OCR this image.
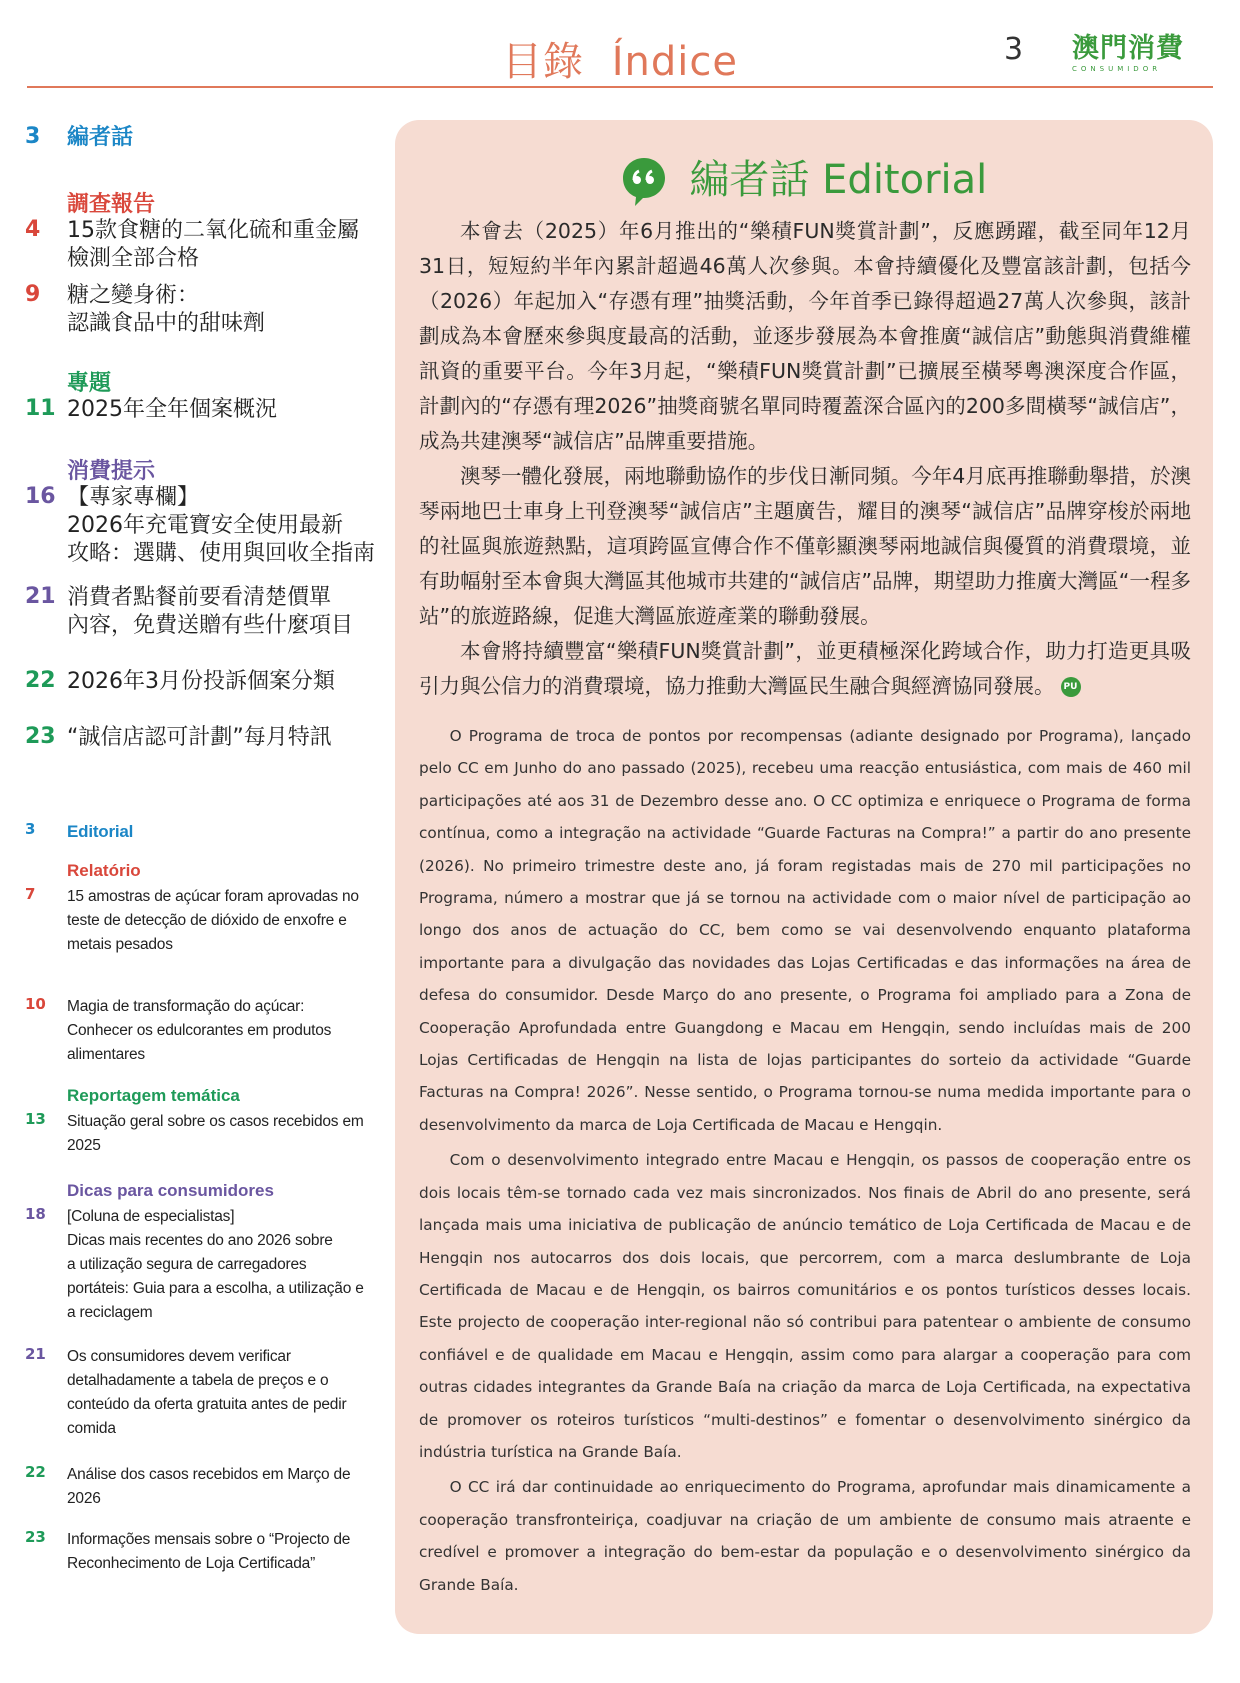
目錄 Índice	3 澳門消費
CONSUMIDOR
3	編者話
調查報告
4	15款食糖的二氧化硫和重金屬
檢測全部合格
9	糖之變身術：
認識食品中的甜味劑
專題
11 2025年全年個案概況
消費提示
16 【專家專欄】
2026年充電寶安全使用最新
攻略：選購、使用與回收全指南
21 消費者點餐前要看清楚價單
內容，免費送贈有些什麼項目
22 2026年3月份投訴個案分類
23 “誠信店認可計劃”每月特訊
3	Editorial
Relatório
7	15 amostras de açúcar foram aprovadas no
teste de detecção de dióxido de enxofre e
metais pesados
10	Magia de transformação do açúcar:
Conhecer os edulcorantes em produtos
alimentares
Reportagem temática
13	Situação geral sobre os casos recebidos em
2025
Dicas para consumidores
18	[Coluna de especialistas]
Dicas mais recentes do ano 2026 sobre
a utilização segura de carregadores
portáteis: Guia para a escolha, a utilização e
a reciclagem
21	Os consumidores devem verificar
detalhadamente a tabela de preços e o
conteúdo da oferta gratuita antes de pedir
comida
22	Análise dos casos recebidos em Março de
2026
23	Informações mensais sobre o “Projecto de
Reconhecimento de Loja Certificada”
編者話 Editorial

本會去（2025）年6月推出的“樂積FUN獎賞計劃”，反應踴躍，截至同年12月31日，短短約半年內累計超過46萬人次參與。本會持續優化及豐富該計劃，包括今（2026）年起加入“存憑有理”抽獎活動，今年首季已錄得超過27萬人次參與，該計劃成為本會歷來參與度最高的活動，並逐步發展為本會推廣“誠信店”動態與消費維權訊資的重要平台。今年3月起，“樂積FUN獎賞計劃”已擴展至橫琴粵澳深度合作區，計劃內的“存憑有理2026”抽獎商號名單同時覆蓋深合區內的200多間橫琴“誠信店”，成為共建澳琴“誠信店”品牌重要措施。

澳琴一體化發展，兩地聯動協作的步伐日漸同頻。今年4月底再推聯動舉措，於澳琴兩地巴士車身上刊登澳琴“誠信店”主題廣告，耀目的澳琴“誠信店”品牌穿梭於兩地的社區與旅遊熱點，這項跨區宣傳合作不僅彰顯澳琴兩地誠信與優質的消費環境，並有助幅射至本會與大灣區其他城市共建的“誠信店”品牌，期望助力推廣大灣區“一程多站”的旅遊路線，促進大灣區旅遊產業的聯動發展。

本會將持續豐富“樂積FUN獎賞計劃”，並更積極深化跨域合作，助力打造更具吸引力與公信力的消費環境，協力推動大灣區民生融合與經濟協同發展。 PU

O Programa de troca de pontos por recompensas (adiante designado por Programa), lançado pelo CC em Junho do ano passado (2025), recebeu uma reacção entusiástica, com mais de 460 mil participações até aos 31 de Dezembro desse ano. O CC optimiza e enriquece o Programa de forma contínua, como a integração na actividade “Guarde Facturas na Compra!” a partir do ano presente (2026). No primeiro trimestre deste ano, já foram registadas mais de 270 mil participações no Programa, número a mostrar que já se tornou na actividade com o maior nível de participação ao longo dos anos de actuação do CC, bem como se vai desenvolvendo enquanto plataforma importante para a divulgação das novidades das Lojas Certificadas e das informações na área de defesa do consumidor. Desde Março do ano presente, o Programa foi ampliado para a Zona de Cooperação Aprofundada entre Guangdong e Macau em Hengqin, sendo incluídas mais de 200 Lojas Certificadas de Hengqin na lista de lojas participantes do sorteio da actividade “Guarde Facturas na Compra! 2026”. Nesse sentido, o Programa tornou-se numa medida importante para o desenvolvimento da marca de Loja Certificada de Macau e Hengqin.

Com o desenvolvimento integrado entre Macau e Hengqin, os passos de cooperação entre os dois locais têm-se tornado cada vez mais sincronizados. Nos finais de Abril do ano presente, será lançada mais uma iniciativa de publicação de anúncio temático de Loja Certificada de Macau e de Hengqin nos autocarros dos dois locais, que percorrem, com a marca deslumbrante de Loja Certificada de Macau e de Hengqin, os bairros comunitários e os pontos turísticos desses locais. Este projecto de cooperação inter-regional não só contribui para patentear o ambiente de consumo confiável e de qualidade em Macau e Hengqin, assim como para alargar a cooperação para com outras cidades integrantes da Grande Baía na criação da marca de Loja Certificada, na expectativa de promover os roteiros turísticos “multi-destinos” e fomentar o desenvolvimento sinérgico da indústria turística na Grande Baía.

O CC irá dar continuidade ao enriquecimento do Programa, aprofundar mais dinamicamente a cooperação transfronteiriça, coadjuvar na criação de um ambiente de consumo mais atraente e credível e promover a integração do bem-estar da população e o desenvolvimento sinérgico da Grande Baía.
